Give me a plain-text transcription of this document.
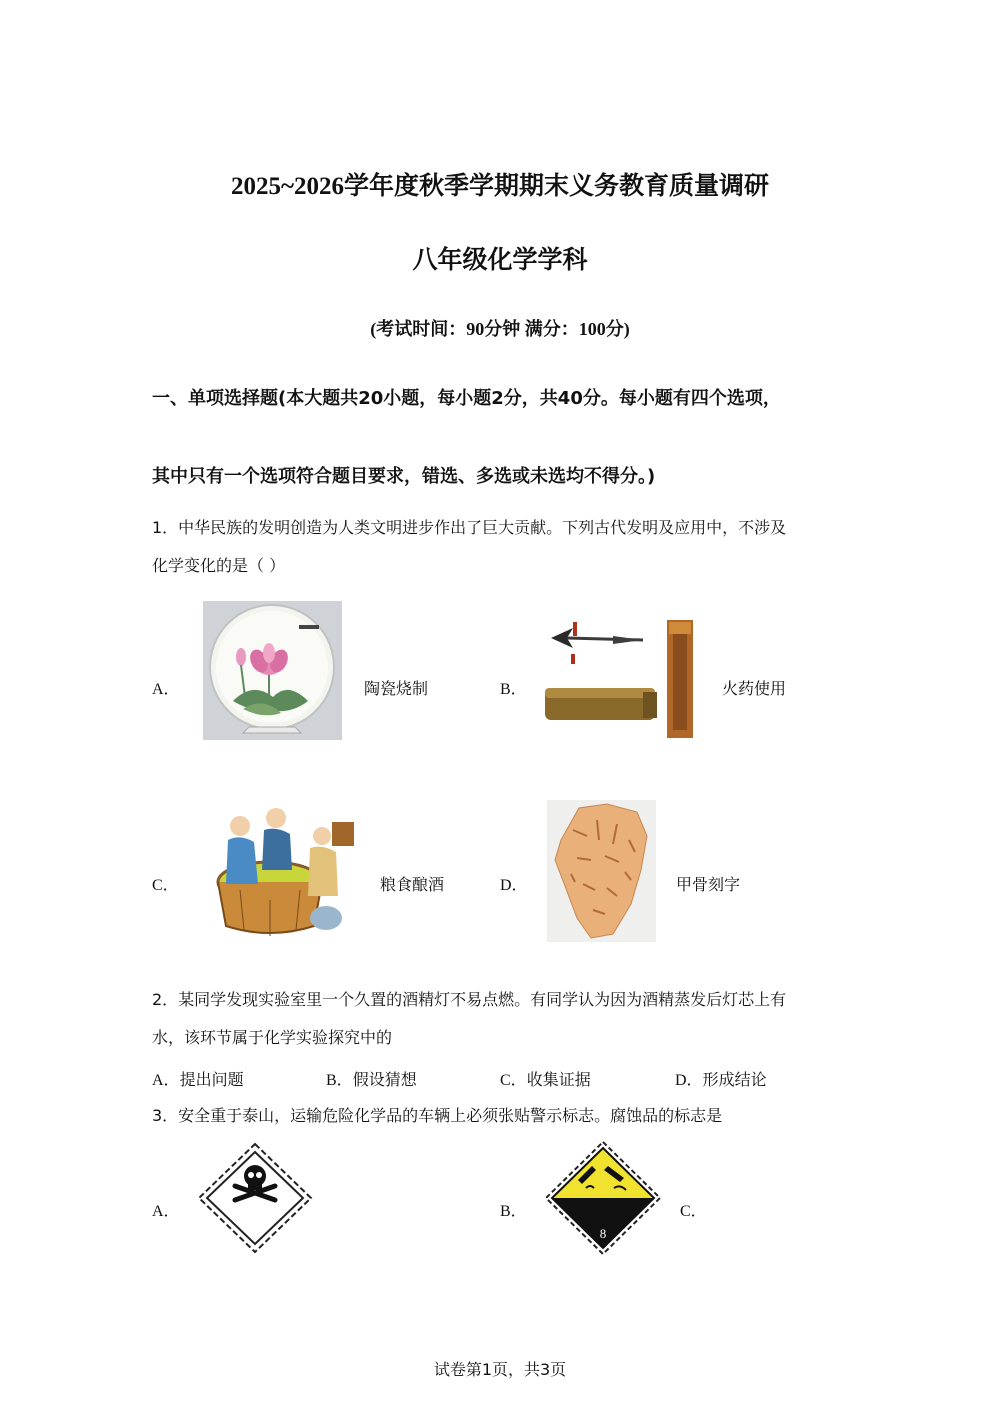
2025~2026学年度秋季学期期末义务教育质量调研
八年级化学学科
(考试时间：90分钟 满分：100分)
一、单项选择题(本大题共20小题，每小题2分，共40分。每小题有四个选项，
其中只有一个选项符合题目要求，错选、多选或未选均不得分。)
1．中华民族的发明创造为人类文明进步作出了巨大贡献。下列古代发明及应用中，不涉及
化学变化的是（ ）
A．	陶瓷烧制	B．	火药使用
C．	粮食酿酒	D．	甲骨刻字
2．某同学发现实验室里一个久置的酒精灯不易点燃。有同学认为因为酒精蒸发后灯芯上有
水，该环节属于化学实验探究中的
A．提出问题	B．假设猜想	C．收集证据	D．形成结论
3．安全重于泰山，运输危险化学品的车辆上必须张贴警示标志。腐蚀品的标志是
A．	B．
8
C．
试卷第1页，共3页
